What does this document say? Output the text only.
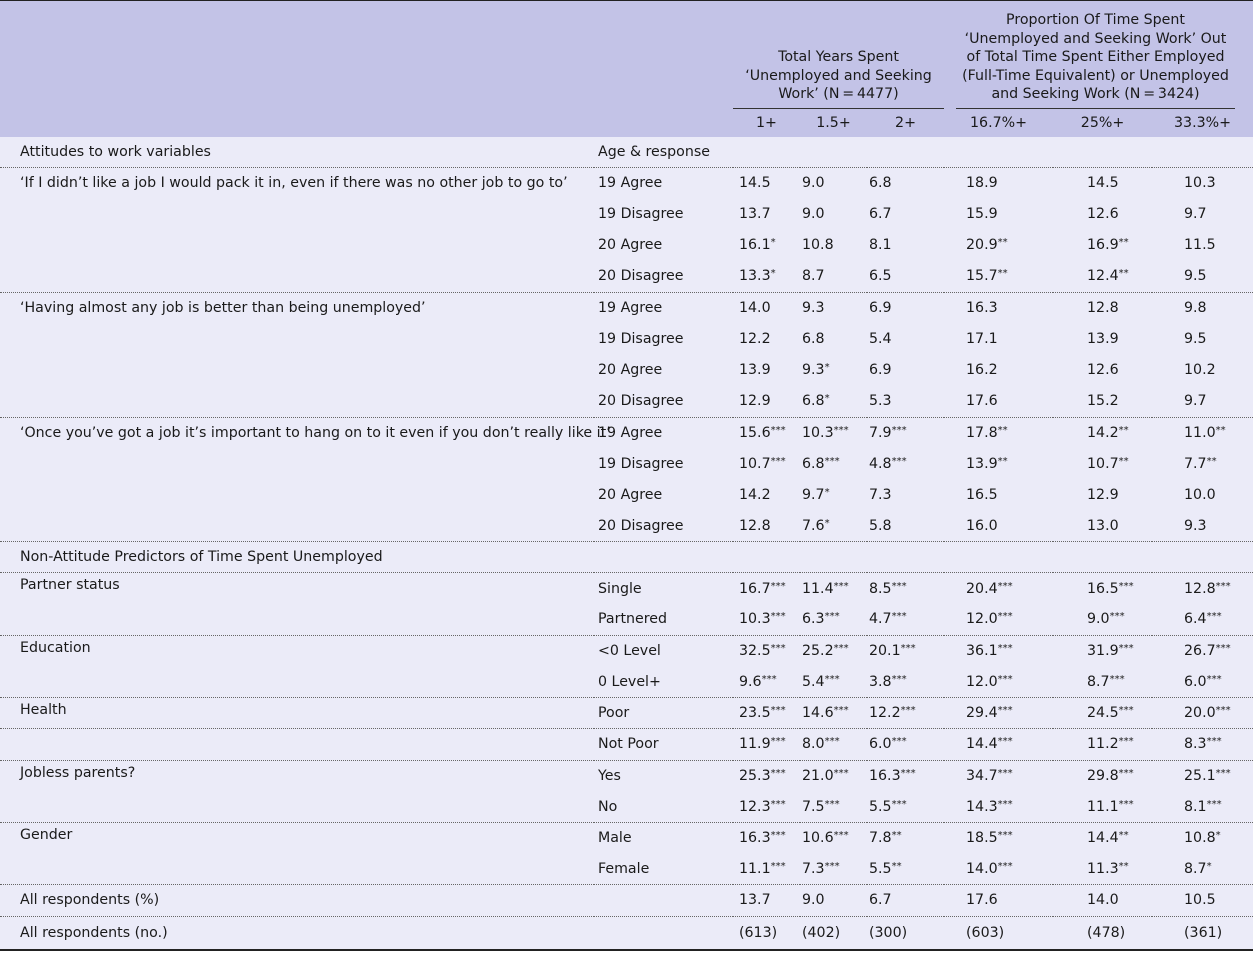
		Total Years Spent ‘Unemployed and Seeking Work’ (N = 4477)			Proportion Of Time Spent ‘Unemployed and Seeking Work’ Out of Total Time Spent Either Employed (Full-Time Equivalent) or Unemployed and Seeking Work (N = 3424)		

		1+	1.5+	2+	16.7%+	25%+	33.3%+
Attitudes to work variables	Age & response						
‘If I didn’t like a job I would pack it in, even if there was no other job to go to’	19 Agree	14.5	9.0	6.8	18.9	14.5	10.3
	19 Disagree	13.7	9.0	6.7	15.9	12.6	9.7
	20 Agree	16.1*	10.8	8.1	20.9**	16.9**	11.5
	20 Disagree	13.3*	8.7	6.5	15.7**	12.4**	9.5
‘Having almost any job is better than being unemployed’	19 Agree	14.0	9.3	6.9	16.3	12.8	9.8
	19 Disagree	12.2	6.8	5.4	17.1	13.9	9.5
	20 Agree	13.9	9.3*	6.9	16.2	12.6	10.2
	20 Disagree	12.9	6.8*	5.3	17.6	15.2	9.7
‘Once you’ve got a job it’s important to hang on to it even if you don’t really like it’	19 Agree	15.6***	10.3***	7.9***	17.8**	14.2**	11.0**
	19 Disagree	10.7***	6.8***	4.8***	13.9**	10.7**	7.7**
	20 Agree	14.2	9.7*	7.3	16.5	12.9	10.0
	20 Disagree	12.8	7.6*	5.8	16.0	13.0	9.3
Non-Attitude Predictors of Time Spent Unemployed							
Partner status	Single	16.7***	11.4***	8.5***	20.4***	16.5***	12.8***
	Partnered	10.3***	6.3***	4.7***	12.0***	9.0***	6.4***
Education	<0 Level	32.5***	25.2***	20.1***	36.1***	31.9***	26.7***
	0 Level+	9.6***	5.4***	3.8***	12.0***	8.7***	6.0***
Health	Poor	23.5***	14.6***	12.2***	29.4***	24.5***	20.0***
	Not Poor	11.9***	8.0***	6.0***	14.4***	11.2***	8.3***
Jobless parents?	Yes	25.3***	21.0***	16.3***	34.7***	29.8***	25.1***
	No	12.3***	7.5***	5.5***	14.3***	11.1***	8.1***
Gender	Male	16.3***	10.6***	7.8**	18.5***	14.4**	10.8*
	Female	11.1***	7.3***	5.5**	14.0***	11.3**	8.7*
All respondents (%)		13.7	9.0	6.7	17.6	14.0	10.5
All respondents (no.)		(613)	(402)	(300)	(603)	(478)	(361)
